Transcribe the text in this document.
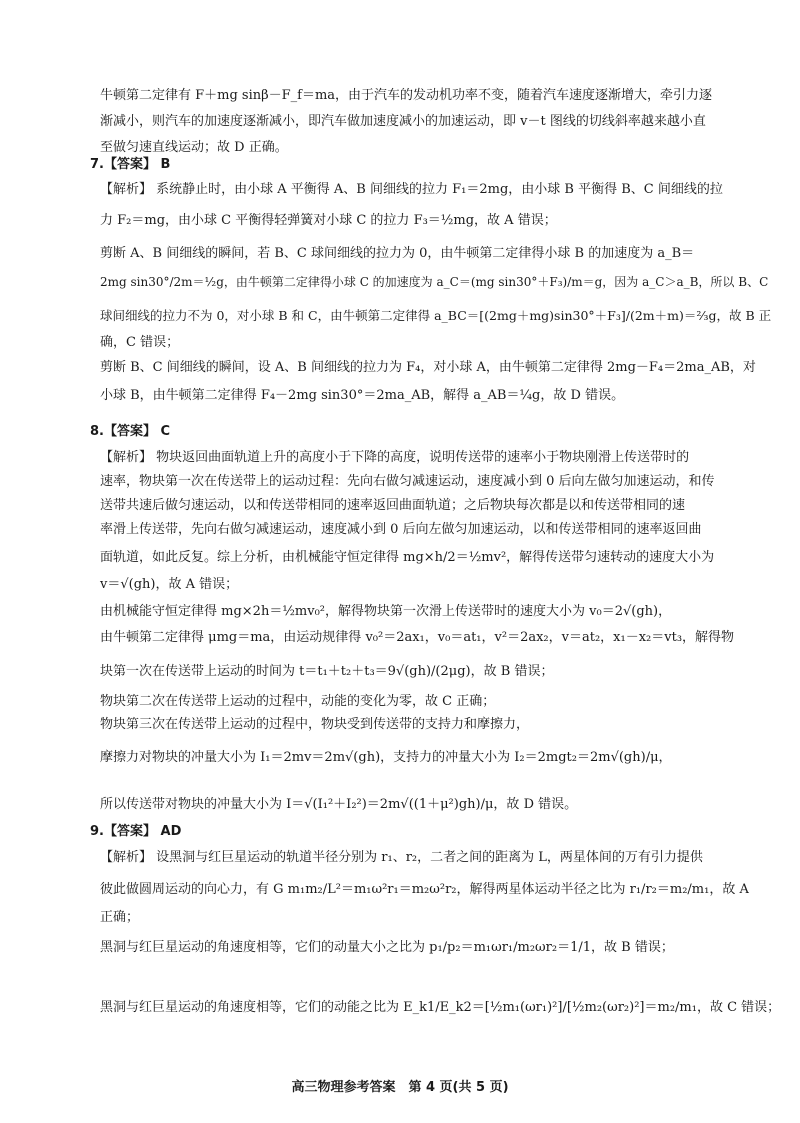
牛顿第二定律有 F＋mg sinβ－F_f＝ma，由于汽车的发动机功率不变，随着汽车速度逐渐增大，牵引力逐
渐减小，则汽车的加速度逐渐减小，即汽车做加速度减小的加速运动，即 v－t 图线的切线斜率越来越小直
至做匀速直线运动；故 D 正确。
7.【答案】 B
【解析】 系统静止时，由小球 A 平衡得 A、B 间细线的拉力 F₁＝2mg，由小球 B 平衡得 B、C 间细线的拉
力 F₂＝mg，由小球 C 平衡得轻弹簧对小球 C 的拉力 F₃＝½mg，故 A 错误；
剪断 A、B 间细线的瞬间，若 B、C 球间细线的拉力为 0，由牛顿第二定律得小球 B 的加速度为 a_B＝
2mg sin30°/2m＝½g，由牛顿第二定律得小球 C 的加速度为 a_C＝(mg sin30°＋F₃)/m＝g，因为 a_C＞a_B，所以 B、C
球间细线的拉力不为 0，对小球 B 和 C，由牛顿第二定律得 a_BC＝[(2mg＋mg)sin30°＋F₃]/(2m＋m)＝⅔g，故 B 正
确，C 错误；
剪断 B、C 间细线的瞬间，设 A、B 间细线的拉力为 F₄，对小球 A，由牛顿第二定律得 2mg－F₄＝2ma_AB，对
小球 B，由牛顿第二定律得 F₄－2mg sin30°＝2ma_AB，解得 a_AB＝¼g，故 D 错误。
8.【答案】 C
【解析】 物块返回曲面轨道上升的高度小于下降的高度，说明传送带的速率小于物块刚滑上传送带时的
速率，物块第一次在传送带上的运动过程：先向右做匀减速运动，速度减小到 0 后向左做匀加速运动，和传
送带共速后做匀速运动，以和传送带相同的速率返回曲面轨道；之后物块每次都是以和传送带相同的速
率滑上传送带，先向右做匀减速运动，速度减小到 0 后向左做匀加速运动，以和传送带相同的速率返回曲
面轨道，如此反复。综上分析，由机械能守恒定律得 mg×h/2＝½mv²，解得传送带匀速转动的速度大小为
v＝√(gh)，故 A 错误；
由机械能守恒定律得 mg×2h＝½mv₀²，解得物块第一次滑上传送带时的速度大小为 v₀＝2√(gh)，
由牛顿第二定律得 μmg＝ma，由运动规律得 v₀²＝2ax₁，v₀＝at₁，v²＝2ax₂，v＝at₂，x₁－x₂＝vt₃，解得物
块第一次在传送带上运动的时间为 t＝t₁＋t₂＋t₃＝9√(gh)/(2μg)，故 B 错误；
物块第二次在传送带上运动的过程中，动能的变化为零，故 C 正确；
物块第三次在传送带上运动的过程中，物块受到传送带的支持力和摩擦力，
摩擦力对物块的冲量大小为 I₁＝2mv＝2m√(gh)，支持力的冲量大小为 I₂＝2mgt₂＝2m√(gh)/μ，
所以传送带对物块的冲量大小为 I＝√(I₁²＋I₂²)＝2m√((1＋μ²)gh)/μ，故 D 错误。
9.【答案】 AD
【解析】 设黑洞与红巨星运动的轨道半径分别为 r₁、r₂，二者之间的距离为 L，两星体间的万有引力提供
彼此做圆周运动的向心力，有 G m₁m₂/L²＝m₁ω²r₁＝m₂ω²r₂，解得两星体运动半径之比为 r₁/r₂＝m₂/m₁，故 A
正确；
黑洞与红巨星运动的角速度相等，它们的动量大小之比为 p₁/p₂＝m₁ωr₁/m₂ωr₂＝1/1，故 B 错误；
黑洞与红巨星运动的角速度相等，它们的动能之比为 E_k1/E_k2＝[½m₁(ωr₁)²]/[½m₂(ωr₂)²]＝m₂/m₁，故 C 错误；
高三物理参考答案　第 4 页(共 5 页)
